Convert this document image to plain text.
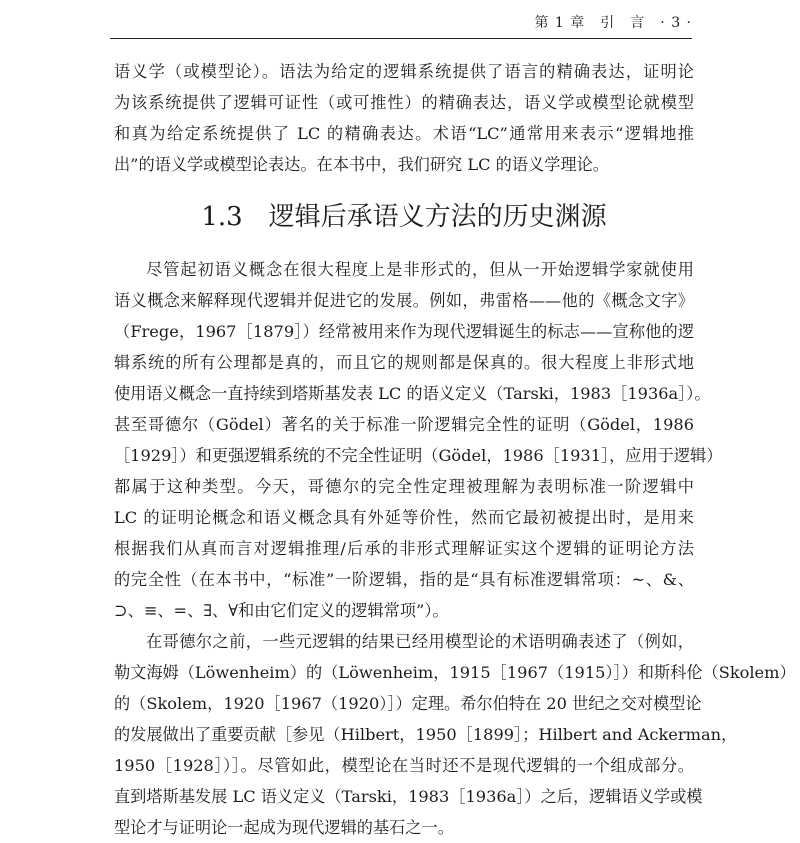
第 1 章　引　言　· 3 ·
语义学（或模型论）。语法为给定的逻辑系统提供了语言的精确表达，证明论
为该系统提供了逻辑可证性（或可推性）的精确表达，语义学或模型论就模型
和真为给定系统提供了 LC 的精确表达。术语“LC”通常用来表示“逻辑地推
出”的语义学或模型论表达。在本书中，我们研究 LC 的语义学理论。
1.3　逻辑后承语义方法的历史渊源
尽管起初语义概念在很大程度上是非形式的，但从一开始逻辑学家就使用
语义概念来解释现代逻辑并促进它的发展。例如，弗雷格——他的《概念文字》
（Frege，1967［1879］）经常被用来作为现代逻辑诞生的标志——宣称他的逻
辑系统的所有公理都是真的，而且它的规则都是保真的。很大程度上非形式地
使用语义概念一直持续到塔斯基发表 LC 的语义定义（Tarski，1983［1936a］）。
甚至哥德尔（Gödel）著名的关于标准一阶逻辑完全性的证明（Gödel，1986
［1929］）和更强逻辑系统的不完全性证明（Gödel，1986［1931］，应用于逻辑）
都属于这种类型。今天，哥德尔的完全性定理被理解为表明标准一阶逻辑中
LC 的证明论概念和语义概念具有外延等价性，然而它最初被提出时，是用来
根据我们从真而言对逻辑推理/后承的非形式理解证实这个逻辑的证明论方法
的完全性（在本书中，“标准”一阶逻辑，指的是“具有标准逻辑常项：~、&、
⊃、≡、=、∃、∀和由它们定义的逻辑常项”）。
在哥德尔之前，一些元逻辑的结果已经用模型论的术语明确表述了（例如，
勒文海姆（Löwenheim）的（Löwenheim，1915［1967（1915）］）和斯科伦（Skolem）
的（Skolem，1920［1967（1920）］）定理。希尔伯特在 20 世纪之交对模型论
的发展做出了重要贡献［参见（Hilbert，1950［1899］；Hilbert and Ackerman，
1950［1928］）］。尽管如此，模型论在当时还不是现代逻辑的一个组成部分。
直到塔斯基发展 LC 语义定义（Tarski，1983［1936a］）之后，逻辑语义学或模
型论才与证明论一起成为现代逻辑的基石之一。
